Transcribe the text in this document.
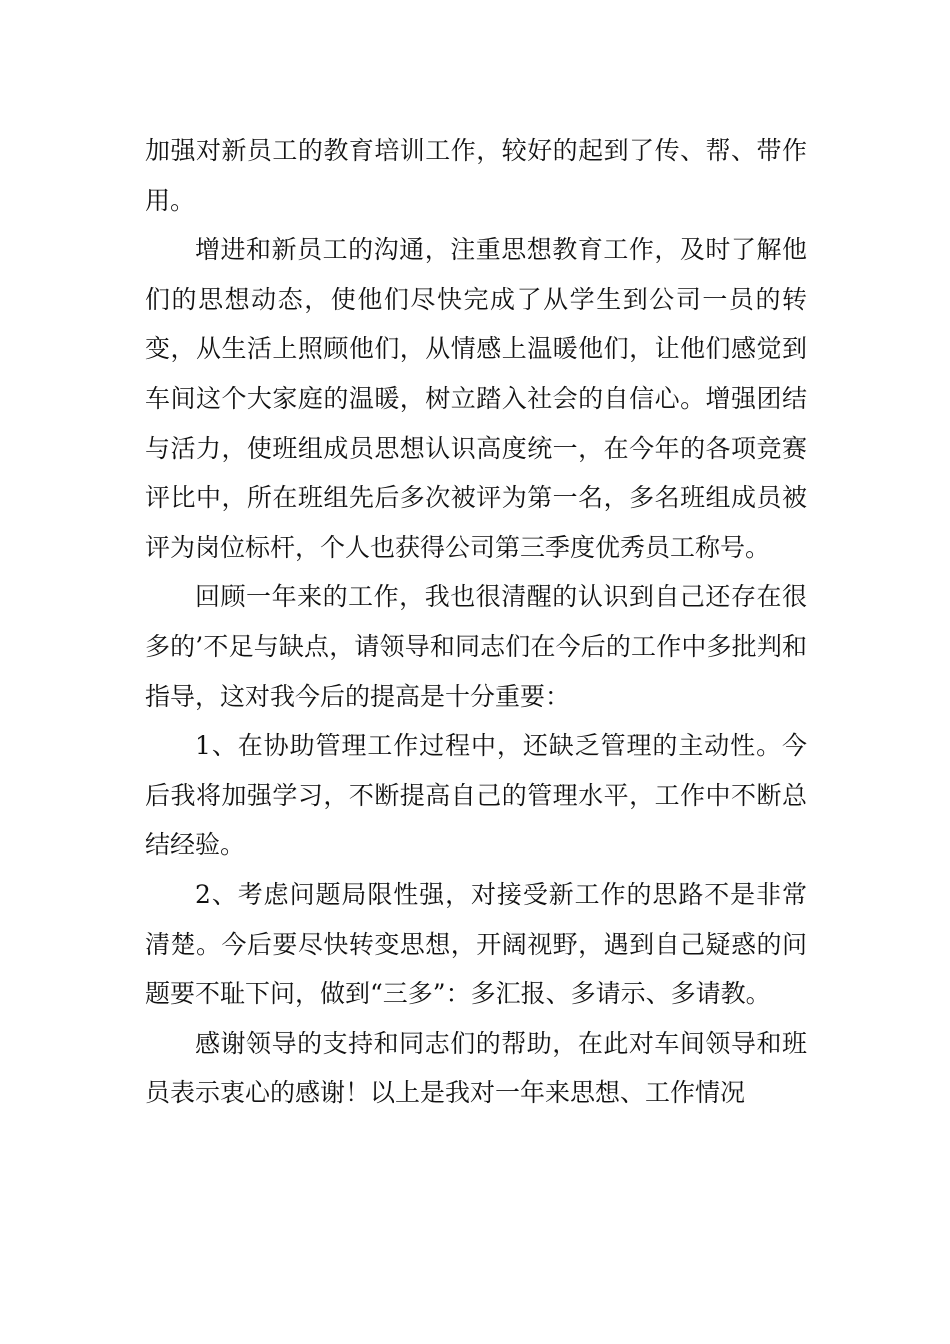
加强对新员工的教育培训工作，较好的起到了传、帮、带作用。

增进和新员工的沟通，注重思想教育工作，及时了解他们的思想动态，使他们尽快完成了从学生到公司一员的转变，从生活上照顾他们，从情感上温暖他们，让他们感觉到车间这个大家庭的温暖，树立踏入社会的自信心。增强团结与活力，使班组成员思想认识高度统一，在今年的各项竞赛评比中，所在班组先后多次被评为第一名，多名班组成员被评为岗位标杆，个人也获得公司第三季度优秀员工称号。

回顾一年来的工作，我也很清醒的认识到自己还存在很多的’不足与缺点，请领导和同志们在今后的工作中多批判和指导，这对我今后的提高是十分重要：

1、在协助管理工作过程中，还缺乏管理的主动性。今后我将加强学习，不断提高自己的管理水平，工作中不断总结经验。

2、考虑问题局限性强，对接受新工作的思路不是非常清楚。今后要尽快转变思想，开阔视野，遇到自己疑惑的问题要不耻下问，做到“三多”：多汇报、多请示、多请教。

感谢领导的支持和同志们的帮助，在此对车间领导和班员表示衷心的感谢！以上是我对一年来思想、工作情况
